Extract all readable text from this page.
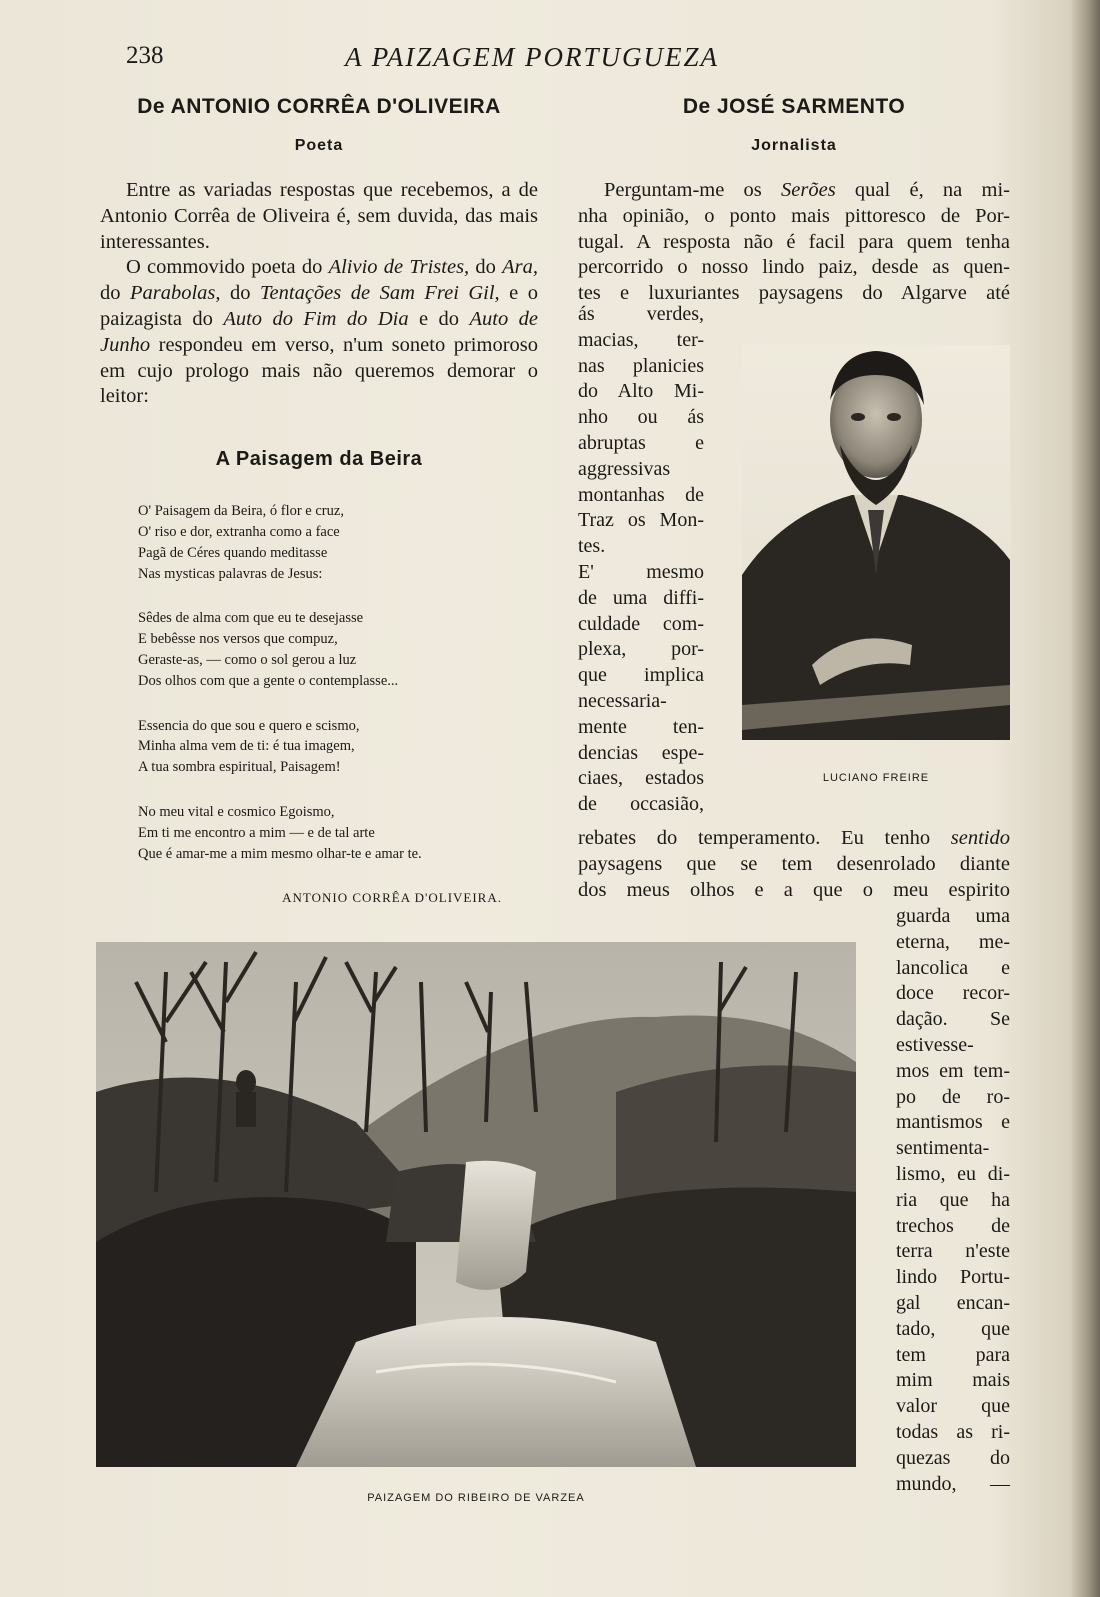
238	A PAIZAGEM PORTUGUEZA
De ANTONIO CORRÊA D'OLIVEIRA
Poeta

Entre as variadas respostas que recebemos, a de Antonio Corrêa de Oliveira é, sem duvida, das mais interessantes.

O commovido poeta do Alivio de Tristes, do Ara, do Parabolas, do Tentações de Sam Frei Gil, e o paizagista do Auto do Fim do Dia e do Auto de Junho respondeu em verso, n'um soneto primoroso em cujo prologo mais não queremos demorar o leitor:

A Paisagem da Beira
O' Paisagem da Beira, ó flor e cruz,
O' riso e dor, extranha como a face
Pagã de Céres quando meditasse
Nas mysticas palavras de Jesus:
Sêdes de alma com que eu te desejasse
E bebêsse nos versos que compuz,
Geraste-as, — como o sol gerou a luz
Dos olhos com que a gente o contemplasse...
Essencia do que sou e quero e scismo,
Minha alma vem de ti: é tua imagem,
A tua sombra espiritual, Paisagem!
No meu vital e cosmico Egoismo,
Em ti me encontro a mim — e de tal arte
Que é amar-me a mim mesmo olhar-te e amar te.
ANTONIO CORRÊA D'OLIVEIRA.
De JOSÉ SARMENTO
Jornalista
Perguntam-me os Serões qual é, na mi-
nha opinião, o ponto mais pittoresco de Por-
tugal. A resposta não é facil para quem tenha
percorrido o nosso lindo paiz, desde as quen-
tes e luxuriantes paysagens do Algarve até
ás verdes,
macias, ter-
nas planicies
do Alto Mi-
nho ou ás
abruptas e
aggressivas
montanhas de
Traz os Mon-
tes.
E' mesmo
de uma diffi-
culdade com-
plexa, por-
que implica
necessaria-
mente ten-
dencias espe-
ciaes, estados
de occasião,
LUCIANO FREIRE
rebates do temperamento. Eu tenho sentido
paysagens que se tem desenrolado diante
dos meus olhos e a que o meu espirito
guarda uma
eterna, me-
lancolica e
doce recor-
dação. Se
estivesse-
mos em tem-
po de ro-
mantismos e
sentimenta-
lismo, eu di-
ria que ha
trechos de
terra n'este
lindo Portu-
gal encan-
tado, que
tem para
mim mais
valor que
todas as ri-
quezas do
mundo, —
PAIZAGEM DO RIBEIRO DE VARZEA
